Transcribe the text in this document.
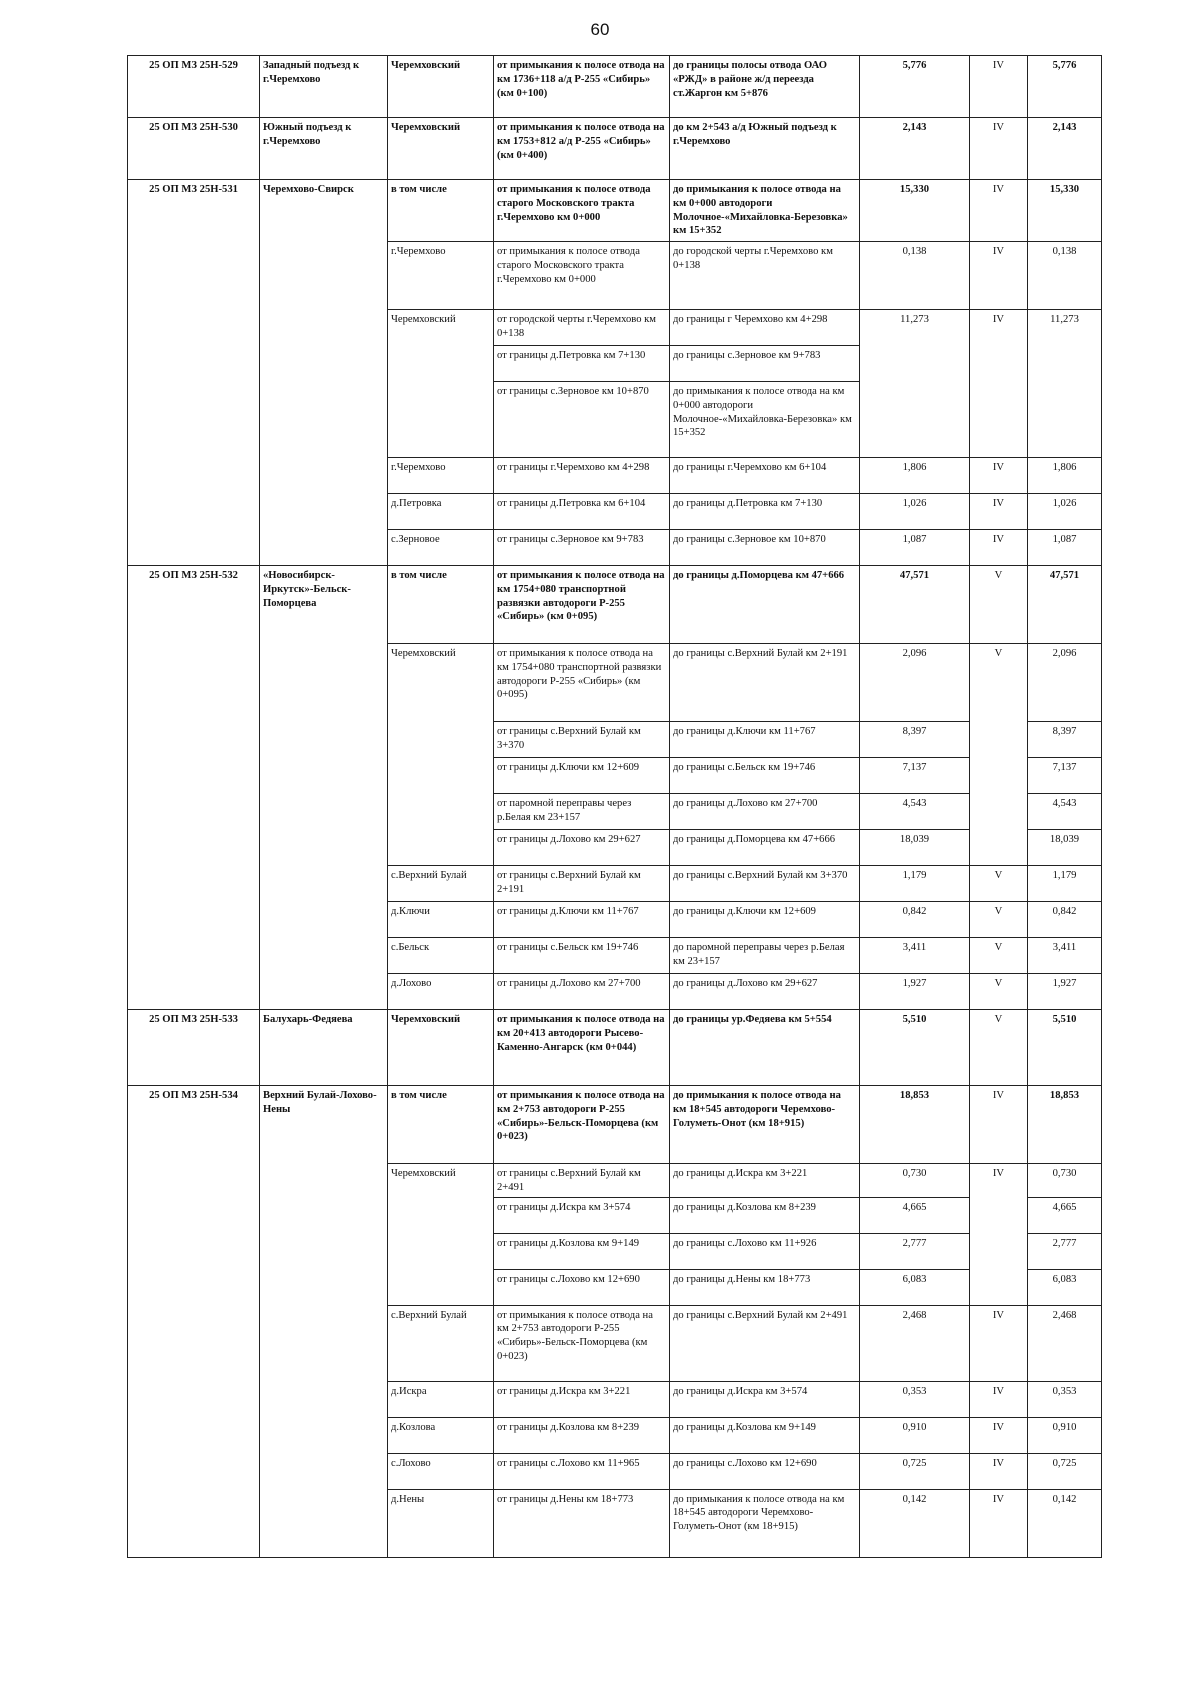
60
25 ОП МЗ 25Н-529	Западный подъезд к г.Черемхово	Черемховский	от примыкания к полосе отвода на км 1736+118 а/д Р-255 «Сибирь» (км 0+100)	до границы полосы отвода ОАО «РЖД» в районе ж/д переезда ст.Жаргон км 5+876	5,776	IV	5,776
25 ОП МЗ 25Н-530	Южный подъезд к г.Черемхово	Черемховский	от примыкания к полосе отвода на км 1753+812 а/д Р-255 «Сибирь» (км 0+400)	до км 2+543 а/д Южный подъезд к г.Черемхово	2,143	IV	2,143
25 ОП МЗ 25Н-531	Черемхово-Свирск	в том числе	от примыкания к полосе отвода старого Московского тракта г.Черемхово км 0+000	до примыкания к полосе отвода на км 0+000 автодороги Молочное-«Михайловка-Березовка» км 15+352	15,330	IV	15,330
		г.Черемхово	от примыкания к полосе отвода старого Московского тракта г.Черемхово км 0+000	до городской черты г.Черемхово км 0+138	0,138	IV	0,138
		Черемховский	от городской черты г.Черемхово км 0+138	до границы г Черемхово км 4+298	11,273	IV	11,273
			от границы д.Петровка км 7+130	до границы с.Зерновое км 9+783			
			от границы с.Зерновое км 10+870	до примыкания к полосе отвода на км 0+000 автодороги Молочное-«Михайловка-Березовка» км 15+352			
		г.Черемхово	от границы г.Черемхово км 4+298	до границы г.Черемхово км 6+104	1,806	IV	1,806
		д.Петровка	от границы д.Петровка км 6+104	до границы д.Петровка км 7+130	1,026	IV	1,026
		с.Зерновое	от границы с.Зерновое км 9+783	до границы с.Зерновое км 10+870	1,087	IV	1,087
25 ОП МЗ 25Н-532	«Новосибирск-Иркутск»-Бельск-Поморцева	в том числе	от примыкания к полосе отвода на км 1754+080 транспортной развязки автодороги Р-255 «Сибирь» (км 0+095)	до границы д.Поморцева км 47+666	47,571	V	47,571
		Черемховский	от примыкания к полосе отвода на км 1754+080 транспортной развязки автодороги Р-255 «Сибирь» (км 0+095)	до границы с.Верхний Булай км 2+191	2,096	V	2,096
			от границы с.Верхний Булай км 3+370	до границы д.Ключи км 11+767	8,397		8,397
			от границы д.Ключи км 12+609	до границы с.Бельск км 19+746	7,137		7,137
			от паромной переправы через р.Белая км 23+157	до границы д.Лохово км 27+700	4,543		4,543
			от границы д.Лохово км 29+627	до границы д.Поморцева км 47+666	18,039		18,039
		с.Верхний Булай	от границы с.Верхний Булай км 2+191	до границы с.Верхний Булай км 3+370	1,179	V	1,179
		д.Ключи	от границы д.Ключи км 11+767	до границы д.Ключи км 12+609	0,842	V	0,842
		с.Бельск	от границы с.Бельск км 19+746	до паромной переправы через р.Белая км 23+157	3,411	V	3,411
		д.Лохово	от границы д.Лохово км 27+700	до границы д.Лохово км 29+627	1,927	V	1,927
25 ОП МЗ 25Н-533	Балухарь-Федяева	Черемховский	от примыкания к полосе отвода на км 20+413 автодороги Рысево-Каменно-Ангарск (км 0+044)	до границы ур.Федяева км 5+554	5,510	V	5,510
25 ОП МЗ 25Н-534	Верхний Булай-Лохово-Нены	в том числе	от примыкания к полосе отвода на км 2+753 автодороги Р-255 «Сибирь»-Бельск-Поморцева (км 0+023)	до примыкания к полосе отвода на км 18+545 автодороги Черемхово-Голуметь-Онот (км 18+915)	18,853	IV	18,853
		Черемховский	от границы с.Верхний Булай км 2+491	до границы д.Искра км 3+221	0,730	IV	0,730
			от границы д.Искра км 3+574	до границы д.Козлова км 8+239	4,665		4,665
			от границы д.Козлова км 9+149	до границы с.Лохово км 11+926	2,777		2,777
			от границы с.Лохово км 12+690	до границы д.Нены км 18+773	6,083		6,083
		с.Верхний Булай	от примыкания к полосе отвода на км 2+753 автодороги Р-255 «Сибирь»-Бельск-Поморцева (км 0+023)	до границы с.Верхний Булай км 2+491	2,468	IV	2,468
		д.Искра	от границы д.Искра км 3+221	до границы д.Искра км 3+574	0,353	IV	0,353
		д.Козлова	от границы д.Козлова км 8+239	до границы д.Козлова км 9+149	0,910	IV	0,910
		с.Лохово	от границы с.Лохово км 11+965	до границы с.Лохово км 12+690	0,725	IV	0,725
		д.Нены	от границы д.Нены км 18+773	до примыкания к полосе отвода на км 18+545 автодороги Черемхово-Голуметь-Онот (км 18+915)	0,142	IV	0,142
